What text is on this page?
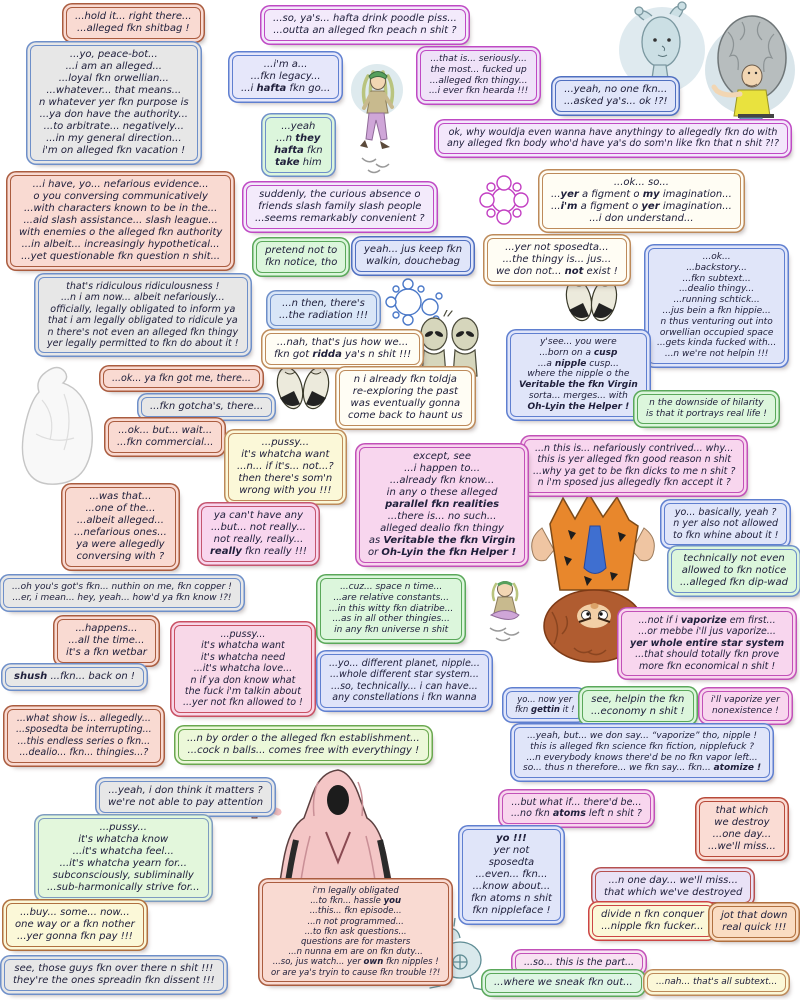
...hold it... right there...
...alleged fkn shitbag !
...so, ya's... hafta drink poodle piss...
...outta an alleged fkn peach n shit ?
...yo, peace-bot...
...i am an alleged...
...loyal fkn orwellian...
...whatever... that means...
n whatever yer fkn purpose is
...ya don have the authority...
...to arbitrate... negatively...
...in my general direction...
i'm on alleged fkn vacation !
...i'm a...
...fkn legacy...
...i hafta fkn go...
...that is... seriously...
the most... fucked up
...alleged fkn thingy...
...i ever fkn hearda !!!	...yeah, no one fkn...
...asked ya's... ok !?!
...yeah
...n they
hafta fkn
take him
ok, why wouldja even wanna have anythingy to allegedly fkn do with
any alleged fkn body who'd have ya's do som'n like fkn that n shit ?!?
...i have, yo... nefarious evidence...
o you conversing communicatively
...with characters known to be in the...
...aid slash assistance... slash league...
with enemies o the alleged fkn authority
...in albeit... increasingly hypothetical...
...yet questionable fkn question n shit...
...ok... so...
...yer a figment o my imagination...
...i'm a figment o yer imagination...
...i don understand...
suddenly, the curious absence o
friends slash family slash people
...seems remarkably convenient ?
pretend not to
fkn notice, tho
yeah... jus keep fkn
walkin, douchebag
...yer not sposedta...
...the thingy is... jus...
we don not... not exist !
that's ridiculous ridiculousness !
...n i am now... albeit nefariously...
officially, legally obligated to inform ya
that i am legally obligated to ridicule ya
n there's not even an alleged fkn thingy
yer legally permitted to fkn do about it !
...ok...
...backstory...
...fkn subtext...
...dealio thingy...
...running schtick...
...jus bein a fkn hippie...
n thus venturing out into
orwellian occupied space
...gets kinda fucked with...
...n we're not helpin !!!
...n then, there's
...the radiation !!!
...nah, that's jus how we...
fkn got ridda ya's n shit !!!
y'see... you were
...born on a cusp
...a nipple cusp...
where the nipple o the
Veritable the fkn Virgin
sorta... merges... with
Oh-Lyin the Helper !
...ok... ya fkn got me, there...	n i already fkn toldja
re-exploring the past
was eventually gonna
come back to haunt us
n the downside of hilarity
is that it portrays real life !
...fkn gotcha's, there...
...ok... but... wait...
...fkn commercial...
...n this is... nefariously contrived... why...
this is yer alleged fkn good reason n shit
...why ya get to be fkn dicks to me n shit ?
n i'm sposed jus allegedly fkn accept it ?
...pussy...
it's whatcha want
...n... if it's... not...?
then there's som'n
wrong with you !!!
except, see
...i happen to...
...already fkn know...
in any o these alleged
parallel fkn realities
...there is... no such...
alleged dealio fkn thingy
as Veritable the fkn Virgin
or Oh-Lyin the fkn Helper !
...was that...
...one of the...
...albeit alleged...
...nefarious ones...
ya were allegedly
conversing with ?
ya can't have any
...but... not really...
not really, really...
really fkn really !!!
yo... basically, yeah ?
n yer also not allowed
to fkn whine about it !
technically not even
allowed to fkn notice
...alleged fkn dip-wad
...oh you's got's fkn... nuthin on me, fkn copper !
...er, i mean... hey, yeah... how'd ya fkn know !?!
...cuz... space n time...
...are relative constants...
...in this witty fkn diatribe...
...as in all other thingies...
in any fkn universe n shit
...not if i vaporize em first...
...or mebbe i'll jus vaporize...
yer whole entire star system
...that should totally fkn prove
more fkn economical n shit !
...happens...
...all the time...
it's a fkn wetbar
...pussy...
it's whatcha want
it's whatcha need
...it's whatcha love...
n if ya don know what
the fuck i'm talkin about
...yer not fkn allowed to !
shush ...fkn... back on !
...yo... different planet, nipple...
...whole different star system...
...so, technically... i can have...
any constellations i fkn wanna	yo... now yer
fkn gettin it !
see, helpin the fkn
...economy n shit !
i'll vaporize yer
nonexistence !
...what show is... allegedly...
...sposedta be interrupting...
...this endless series o fkn...
...dealio... fkn... thingies...?
...yeah, but... we don say... “vaporize” tho, nipple !
this is alleged fkn science fkn fiction, nipplefuck ?
...n everybody knows there'd be no fkn vapor left...
so... thus n therefore... we fkn say... fkn... atomize !
...n by order o the alleged fkn establishment...
...cock n balls... comes free with everythingy !
...yeah, i don think it matters ?
we're not able to pay attention	...but what if... there'd be...
...no fkn atoms left n shit ?	that which
we destroy
...one day...
...we'll miss...
...pussy...
it's whatcha know
...it's whatcha feel...
...it's whatcha yearn for...
subconsciously, subliminally
...sub-harmonically strive for...
yo !!!
yer not
sposedta
...even... fkn...
...know about...
fkn atoms n shit
fkn nippleface !
...n one day... we'll miss...
that which we've destroyed
i'm legally obligated
...to fkn... hassle you
...this... fkn episode...
...n not programmed...
...to fkn ask questions...
questions are for masters
...n nunna em are on fkn duty...
...so, jus watch... yer own fkn nipples !
or are ya's tryin to cause fkn trouble !?!
...buy... some... now...
one way or a fkn nother
...yer gonna fkn pay !!!
divide n fkn conquer
...nipple fkn fucker...
jot that down
real quick !!!
...so... this is the part...
see, those guys fkn over there n shit !!!
they're the ones spreadin fkn dissent !!!	...where we sneak fkn out...	...nah... that's all subtext...
